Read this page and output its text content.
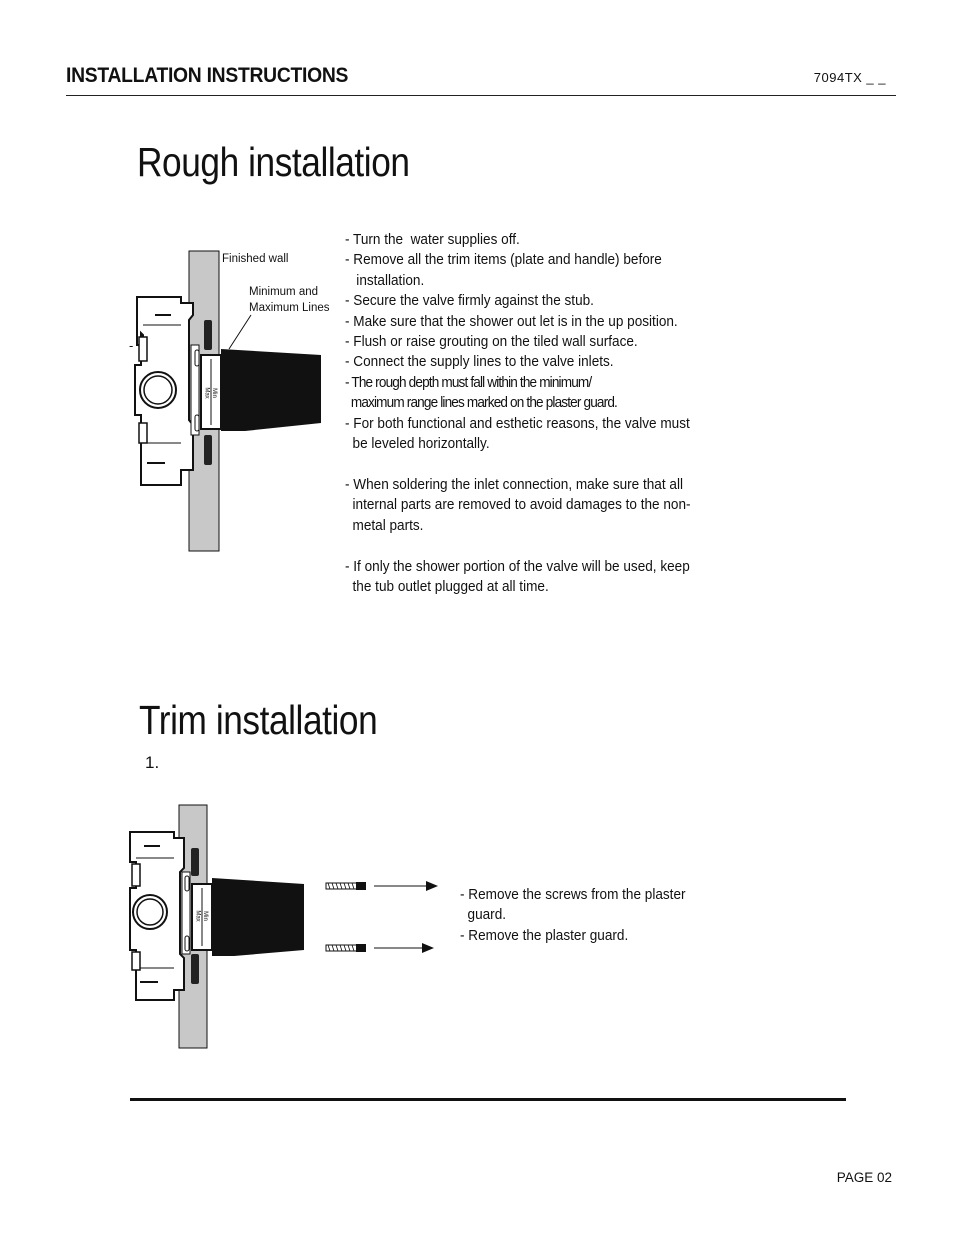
INSTALLATION INSTRUCTIONS	7094TX _ _
Rough installation
Finished wall
Minimum and
Maximum Lines
Max Min
-
- Turn the  water supplies off.
- Remove all the trim items (plate and handle) before
installation.
- Secure the valve firmly against the stub.
- Make sure that the shower out let is in the up position.
- Flush or raise grouting on the tiled wall surface.
- Connect the supply lines to the valve inlets.
- The rough depth must fall within the minimum/
maximum range lines marked on the plaster guard.
- For both functional and esthetic reasons, the valve must
be leveled horizontally.

- When soldering the inlet connection, make sure that all
internal parts are removed to avoid damages to the non-
metal parts.

- If only the shower portion of the valve will be used, keep
the tub outlet plugged at all time.
Trim installation
1.
Max Min
- Remove the screws from the plaster
guard.
- Remove the plaster guard.
PAGE 02
